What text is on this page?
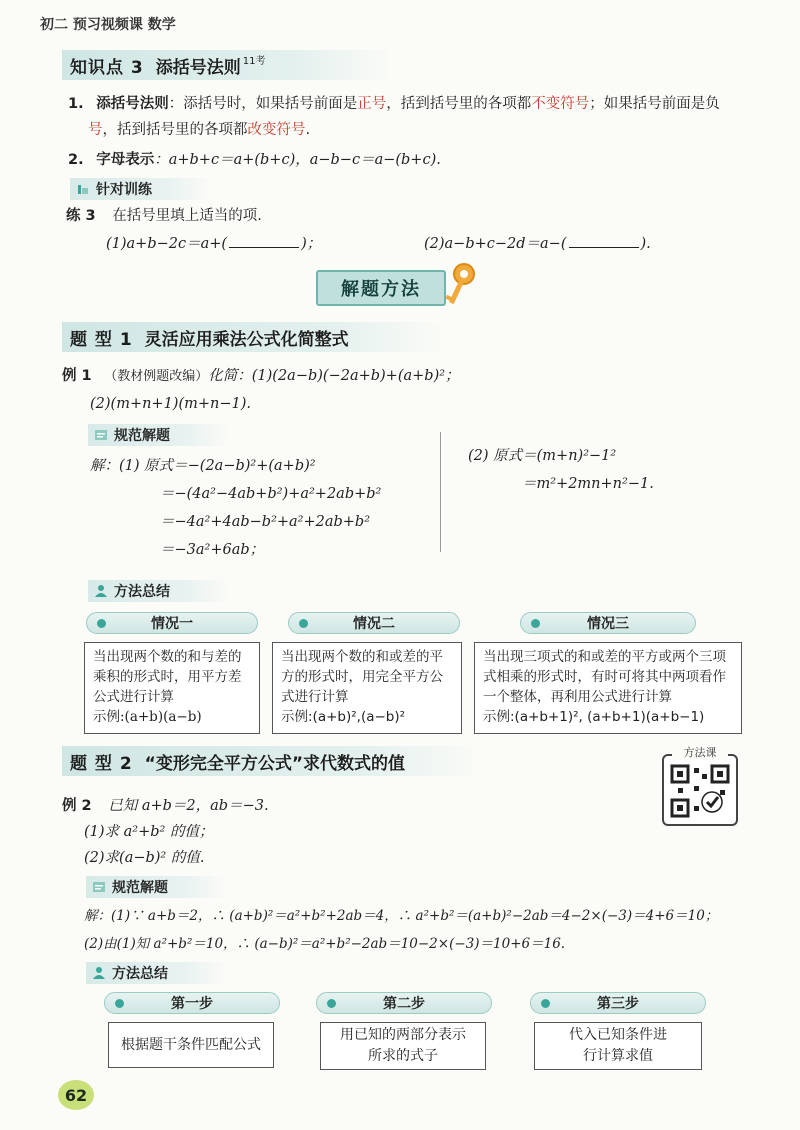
初二 预习视频课 数学
知识点 3 添括号法则$^{11考}$
1. 添括号法则：添括号时，如果括号前面是正号，括到括号里的各项都不变符号；如果括号前面是负
号，括到括号里的各项都改变符号.
2. 字母表示：a+b+c＝a+(b+c)，a−b−c＝a−(b+c).
针对训练
练 3 在括号里填上适当的项.
(1)a+b−2c＝a+(	)；	(2)a−b+c−2d＝a−(	).
解题方法
题 型 1 灵活应用乘法公式化简整式
例 1 （教材例题改编）化简：(1)(2a−b)(−2a+b)+(a+b)²；
(2)(m+n+1)(m+n−1).
规范解题
解：(1) 原式＝−(2a−b)²+(a+b)²
＝−(4a²−4ab+b²)+a²+2ab+b²
＝−4a²+4ab−b²+a²+2ab+b²
＝−3a²+6ab；
(2) 原式＝(m+n)²−1²
＝m²+2mn+n²−1.
方法总结
情况一
当出现两个数的和与差的乘积的形式时，用平方差公式进行计算
示例:(a+b)(a−b)
情况二
当出现两个数的和或差的平方的形式时，用完全平方公式进行计算
示例:(a+b)²,(a−b)²
情况三
当出现三项式的和或差的平方或两个三项式相乘的形式时，有时可将其中两项看作一个整体，再利用公式进行计算
示例:(a+b+1)², (a+b+1)(a+b−1)
题 型 2 “变形完全平方公式”求代数式的值
方法课
例 2 已知 a+b＝2，ab＝−3.
(1)求 a²+b² 的值；
(2)求(a−b)² 的值.
规范解题
解：(1)∵ a+b＝2，∴ (a+b)²＝a²+b²+2ab＝4，∴ a²+b²＝(a+b)²−2ab＝4−2×(−3)＝4+6＝10；
(2)由(1)知 a²+b²＝10，∴ (a−b)²＝a²+b²−2ab＝10−2×(−3)＝10+6＝16.
方法总结
第一步
根据题干条件匹配公式
第二步
用已知的两部分表示所求的式子
第三步
代入已知条件进行计算求值
62
